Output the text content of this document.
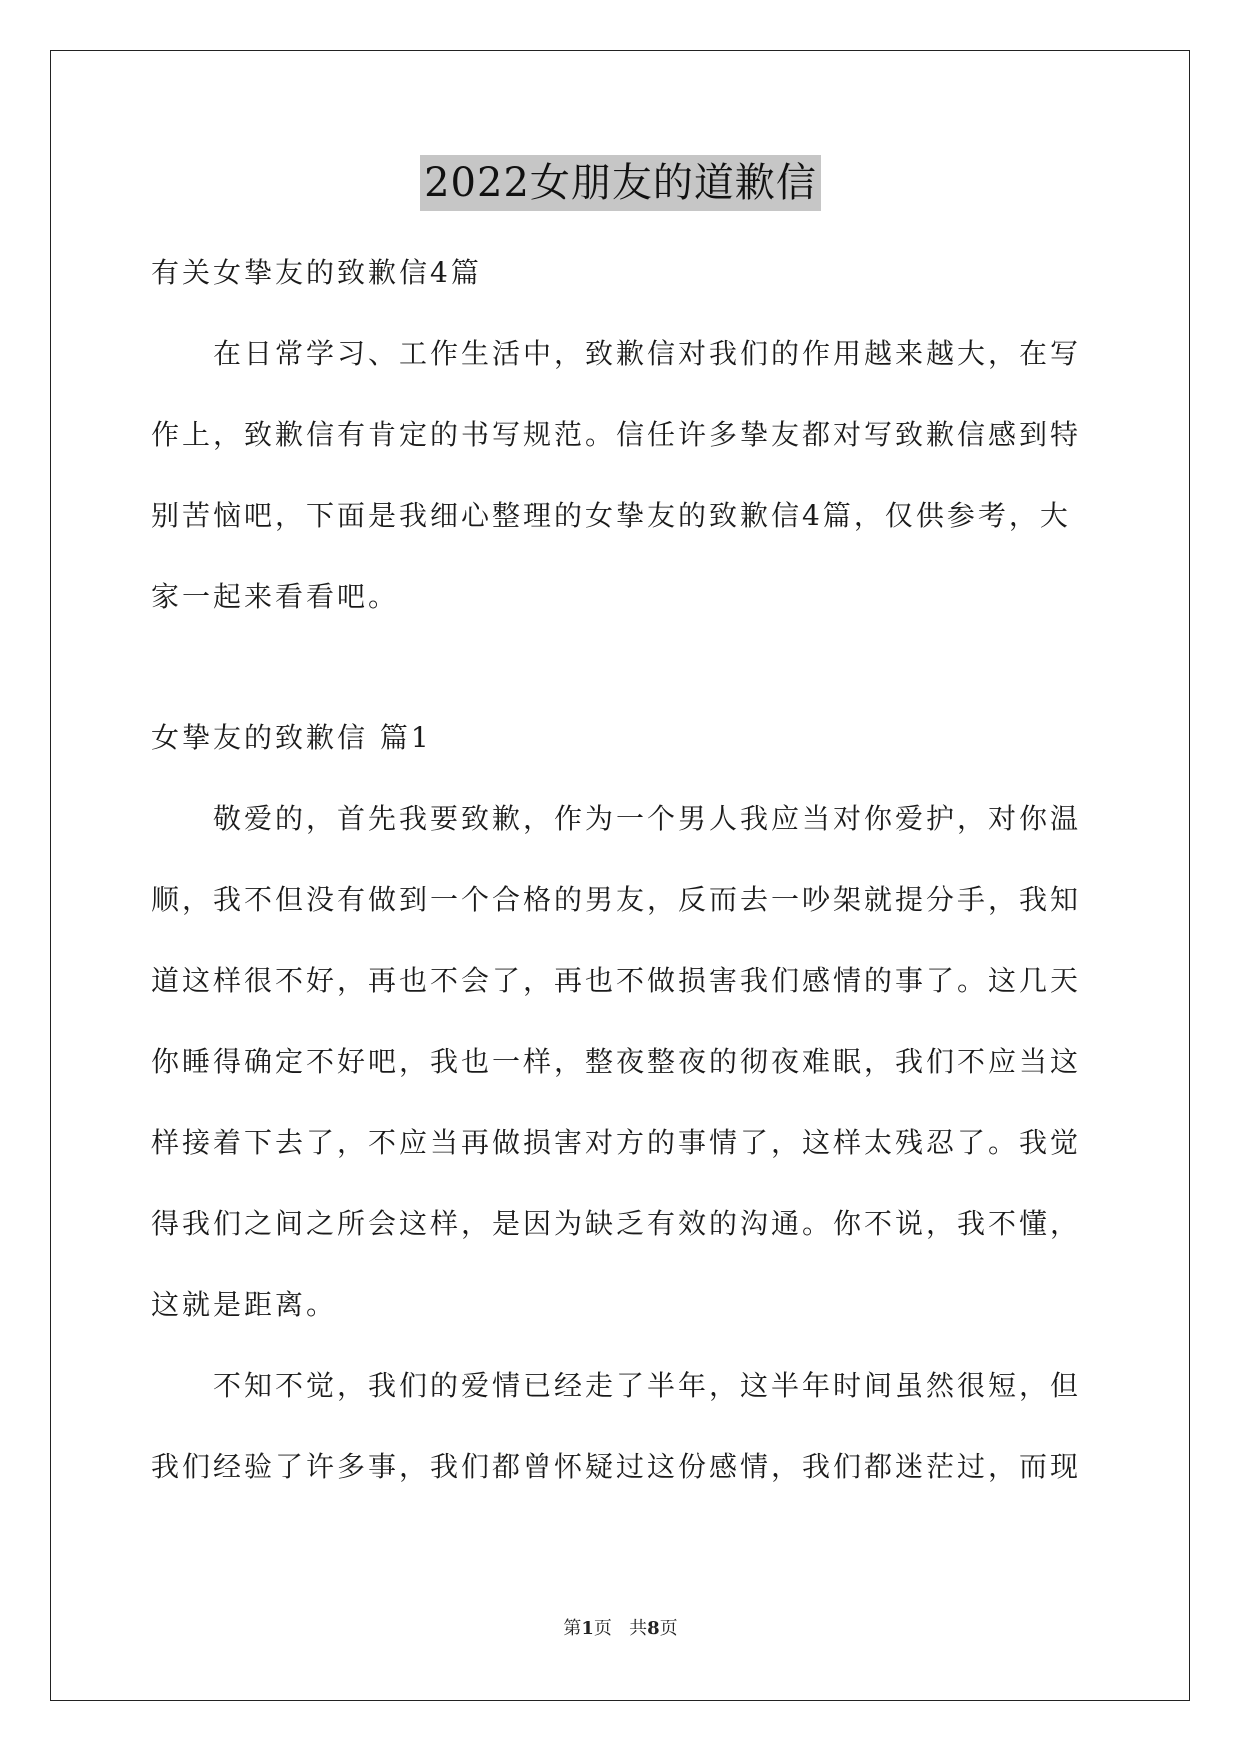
2022女朋友的道歉信

有关女挚友的致歉信4篇

在日常学习、工作生活中，致歉信对我们的作用越来越大，在写作上，致歉信有肯定的书写规范。信任许多挚友都对写致歉信感到特别苦恼吧，下面是我细心整理的女挚友的致歉信4篇，仅供参考，大家一起来看看吧。

女挚友的致歉信 篇1

敬爱的，首先我要致歉，作为一个男人我应当对你爱护，对你温顺，我不但没有做到一个合格的男友，反而去一吵架就提分手，我知道这样很不好，再也不会了，再也不做损害我们感情的事了。这几天你睡得确定不好吧，我也一样，整夜整夜的彻夜难眠，我们不应当这样接着下去了，不应当再做损害对方的事情了，这样太残忍了。我觉得我们之间之所会这样，是因为缺乏有效的沟通。你不说，我不懂，这就是距离。

不知不觉，我们的爱情已经走了半年，这半年时间虽然很短，但我们经验了许多事，我们都曾怀疑过这份感情，我们都迷茫过，而现

第1页 共8页
